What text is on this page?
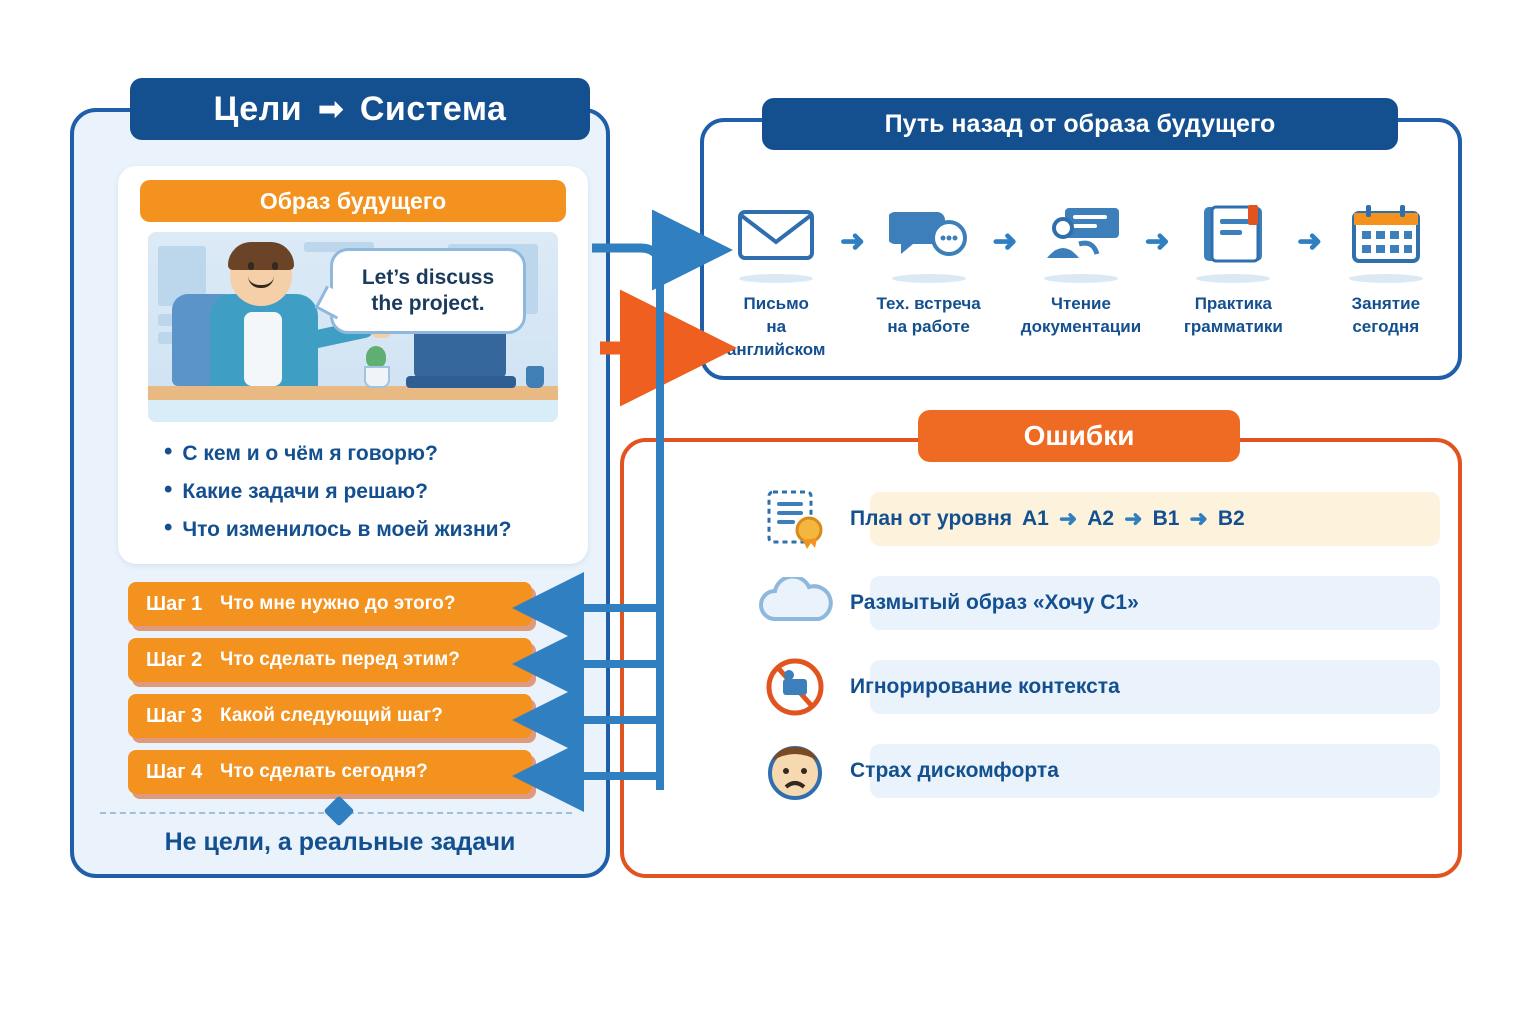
Цели ➡ Система
Образ будущего
Let’s discuss
the project.
• С кем и о чём я говорю?
• Какие задачи я решаю?
• Что изменилось в моей жизни?
Шаг 1 Что мне нужно до этого?
Шаг 2 Что сделать перед этим?
Шаг 3 Какой следующий шаг?
Шаг 4 Что сделать сегодня?
Не цели, а реальные задачи
Путь назад от образа будущего
Письмо
на английском
➜
Тех. встреча
на работе
➜
Чтение
документации
➜
Практика
грамматики
➜
Занятие
сегодня
Ошибки
План от уровня A1 ➜ A2 ➜ B1 ➜ B2
Размытый образ «Хочу C1»
Игнорирование контекста
Страх дискомфорта
